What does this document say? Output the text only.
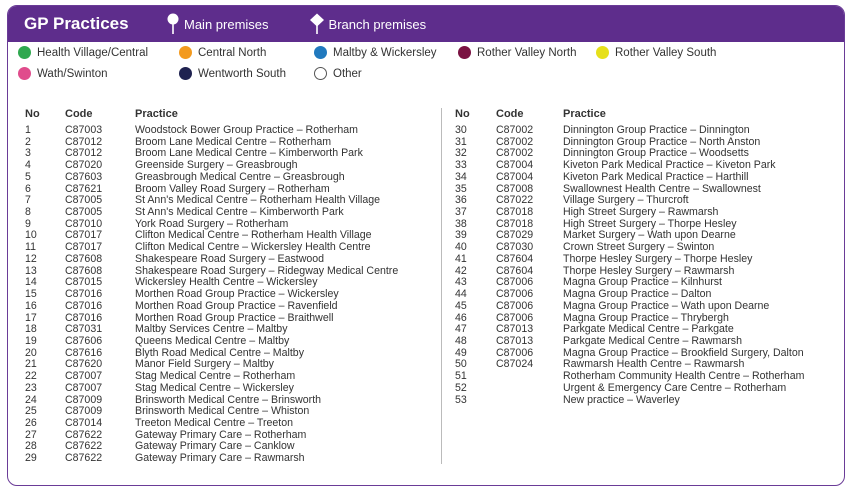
GP Practices	Main premises	Branch premises
Health Village/Central	Central North	Maltby & Wickersley	Rother Valley North	Rother Valley South
Wath/Swinton	Wentworth South	Other
No Code	Practice	No Code	Practice
1	C87003	Woodstock Bower Group Practice – Rotherham
2	C87012	Broom Lane Medical Centre – Rotherham
3	C87012	Broom Lane Medical Centre – Kimberworth Park
4	C87020	Greenside Surgery – Greasbrough
5	C87603	Greasbrough Medical Centre – Greasbrough
6	C87621	Broom Valley Road Surgery – Rotherham
7	C87005	St Ann's Medical Centre – Rotherham Health Village
8	C87005	St Ann's Medical Centre – Kimberworth Park
9	C87010	York Road Surgery – Rotherham
10	C87017	Clifton Medical Centre – Rotherham Health Village
11	C87017	Clifton Medical Centre – Wickersley Health Centre
12	C87608	Shakespeare Road Surgery – Eastwood
13	C87608	Shakespeare Road Surgery – Ridegway Medical Centre
14	C87015	Wickersley Health Centre – Wickersley
15	C87016	Morthen Road Group Practice – Wickersley
16	C87016	Morthen Road Group Practice – Ravenfield
17	C87016	Morthen Road Group Practice – Braithwell
18	C87031	Maltby Services Centre – Maltby
19	C87606	Queens Medical Centre – Maltby
20	C87616	Blyth Road Medical Centre – Maltby
21	C87620	Manor Field Surgery – Maltby
22	C87007	Stag Medical Centre – Rotherham
23	C87007	Stag Medical Centre – Wickersley
24	C87009	Brinsworth Medical Centre – Brinsworth
25	C87009	Brinsworth Medical Centre – Whiston
26	C87014	Treeton Medical Centre – Treeton
27	C87622	Gateway Primary Care – Rotherham
28	C87622	Gateway Primary Care – Canklow
29	C87622	Gateway Primary Care – Rawmarsh
30	C87002	Dinnington Group Practice – Dinnington
31	C87002	Dinnington Group Practice – North Anston
32	C87002	Dinnington Group Practice – Woodsetts
33	C87004	Kiveton Park Medical Practice – Kiveton Park
34	C87004	Kiveton Park Medical Practice – Harthill
35	C87008	Swallownest Health Centre – Swallownest
36	C87022	Village Surgery – Thurcroft
37	C87018	High Street Surgery – Rawmarsh
38	C87018	High Street Surgery – Thorpe Hesley
39	C87029	Market Surgery – Wath upon Dearne
40	C87030	Crown Street Surgery – Swinton
41	C87604	Thorpe Hesley Surgery – Thorpe Hesley
42	C87604	Thorpe Hesley Surgery – Rawmarsh
43	C87006	Magna Group Practice – Kilnhurst
44	C87006	Magna Group Practice – Dalton
45	C87006	Magna Group Practice – Wath upon Dearne
46	C87006	Magna Group Practice – Thrybergh
47	C87013	Parkgate Medical Centre – Parkgate
48	C87013	Parkgate Medical Centre – Rawmarsh
49	C87006	Magna Group Practice – Brookfield Surgery, Dalton
50	C87024	Rawmarsh Health Centre – Rawmarsh
51	Rotherham Community Health Centre – Rotherham
52	Urgent & Emergency Care Centre – Rotherham
53	New practice – Waverley
